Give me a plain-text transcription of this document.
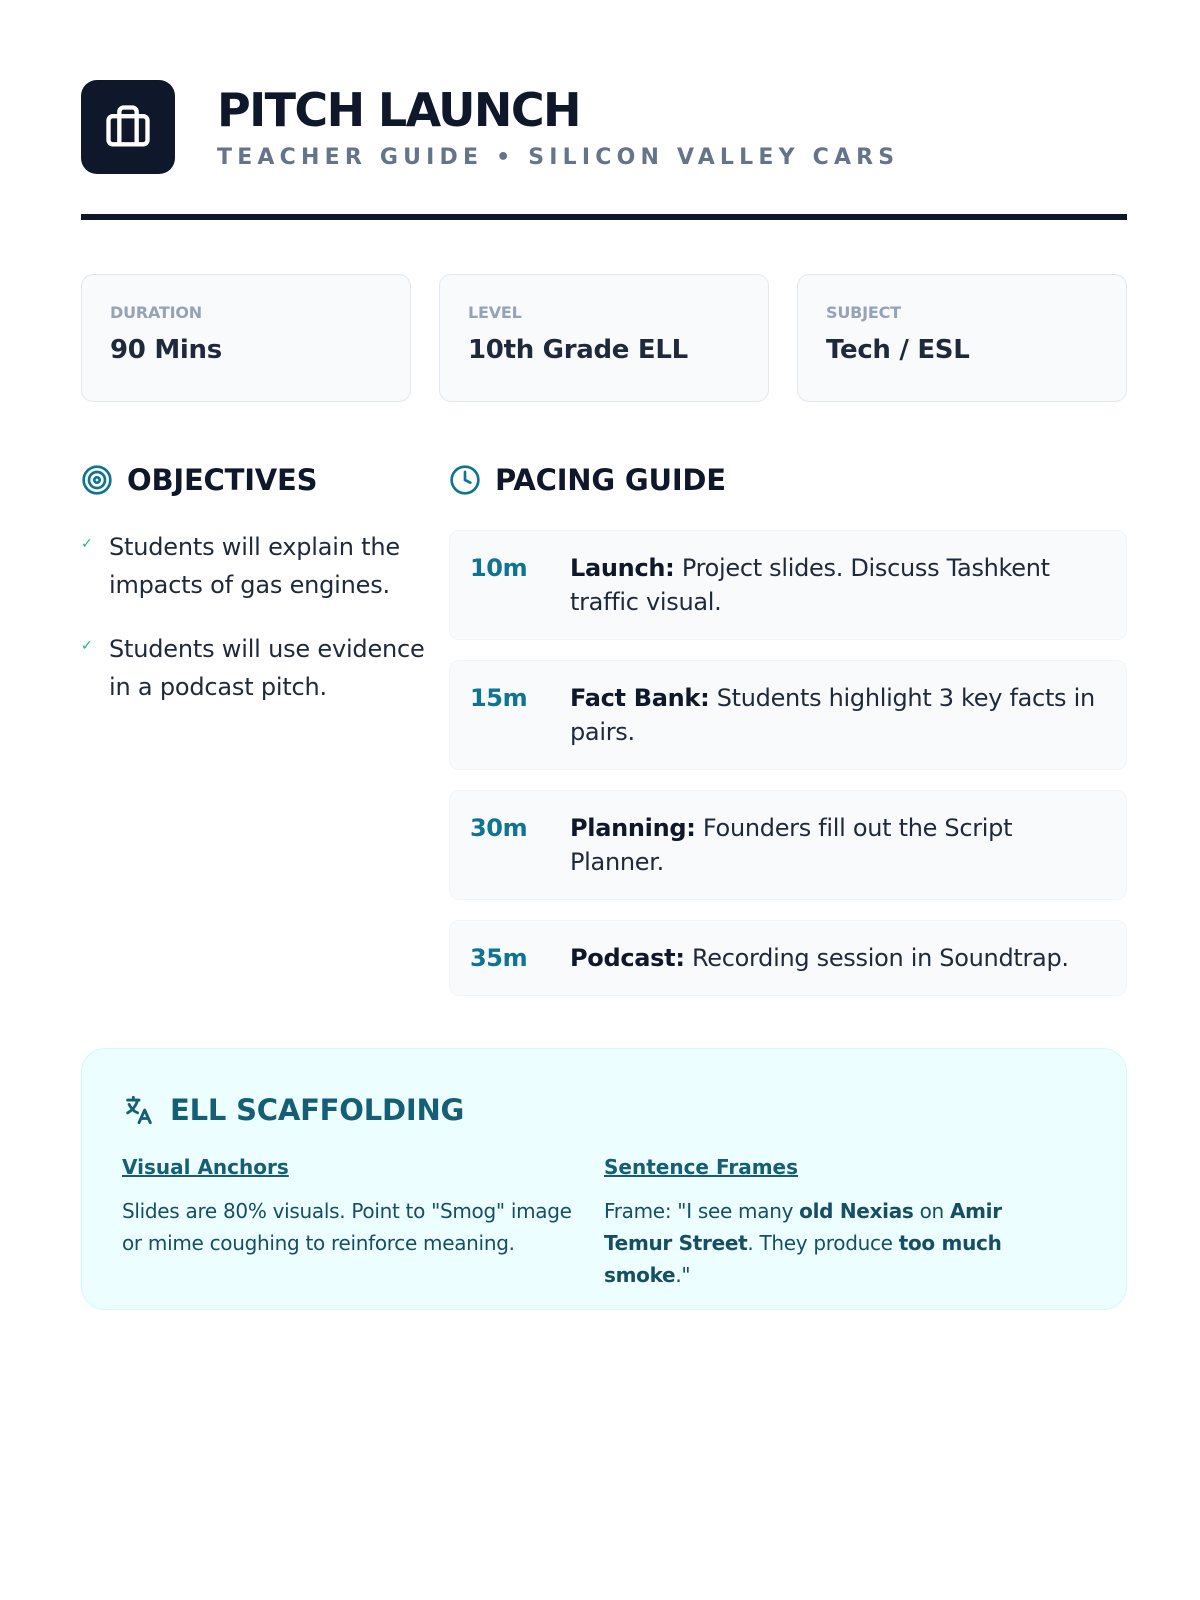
PITCH LAUNCH
TEACHER GUIDE • SILICON VALLEY CARS
DURATION
90 Mins
LEVEL
10th Grade ELL
SUBJECT
Tech / ESL
OBJECTIVES
✓ Students will explain the impacts of gas engines.
✓ Students will use evidence in a podcast pitch.
PACING GUIDE
10m	Launch: Project slides. Discuss Tashkent traffic visual.
15m	Fact Bank: Students highlight 3 key facts in pairs.
30m	Planning: Founders fill out the Script Planner.
35m	Podcast: Recording session in Soundtrap.
ELL SCAFFOLDING
Visual Anchors
Slides are 80% visuals. Point to "Smog" image or mime coughing to reinforce meaning.
Sentence Frames
Frame: "I see many old Nexias on Amir Temur Street. They produce too much smoke."
